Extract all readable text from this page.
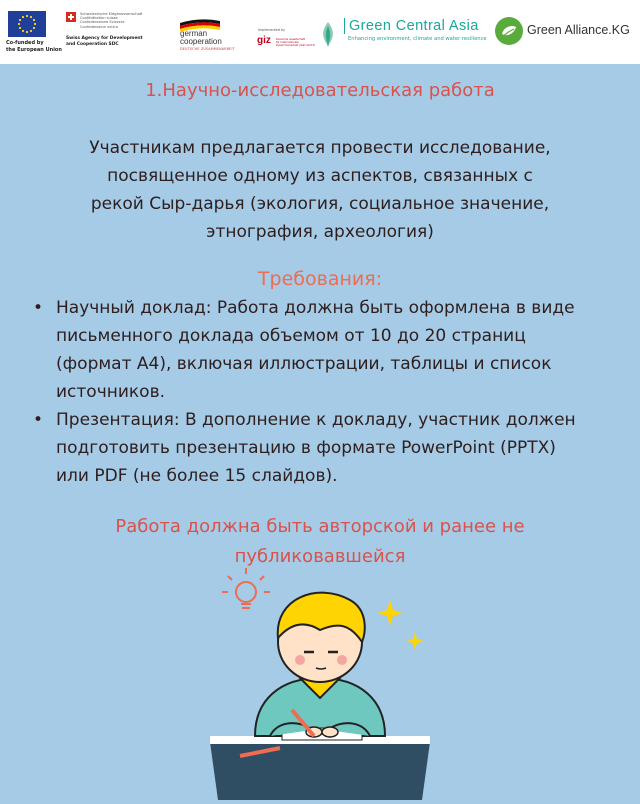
Co-funded by
the European Union
Schweizerische Eidgenossenschaft
Confédération suisse
Confederazione Svizzera
Confederaziun svizra
Swiss Agency for Development
and Cooperation SDC
german
cooperation
DEUTSCHE ZUSAMMENARBEIT
Implemented by
giz Deutsche Gesellschaft
für Internationale
Zusammenarbeit (GIZ) GmbH
Green Central Asia
Enhancing environment, climate and water resilience
Green Alliance.KG
1.Научно-исследовательская работа
Участникам предлагается провести исследование,
посвященное одному из аспектов, связанных с
рекой Сыр-дарья (экология, социальное значение,
этнография, археология)
Требования:
• Научный доклад: Работа должна быть оформлена в виде
письменного доклада объемом от 10 до 20 страниц
(формат А4), включая иллюстрации, таблицы и список
источников.
• Презентация: В дополнение к докладу, участник должен
подготовить презентацию в формате PowerPoint (PPTX)
или PDF (не более 15 слайдов).
Работа должна быть авторской и ранее не
публиковавшейся
